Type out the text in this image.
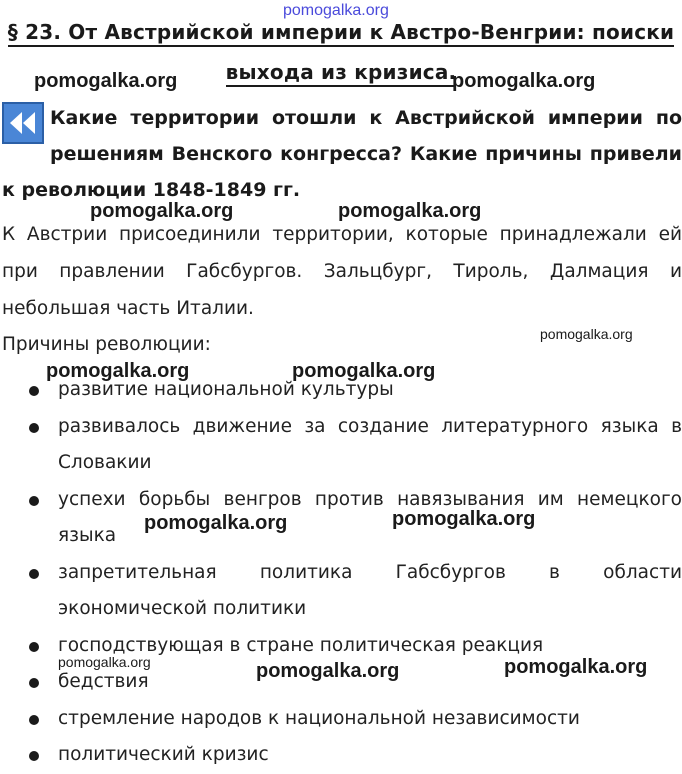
pomogalka.org
§ 23. От Австрийской империи к Австро-Венгрии: поиски
выхода из кризиса.
pomogalka.org	pomogalka.org
Какие территории отошли к Австрийской империи по решениям Венского конгресса? Какие причины привели к революции 1848-1849 гг.
pomogalka.org	pomogalka.org

К Австрии присоединили территории, которые принадлежали ей при правлении Габсбургов. Зальцбург, Тироль, Далмация и небольшая часть Италии.

pomogalka.org

Причины революции:

pomogalka.org	pomogalka.org
развитие национальной культуры
развивалось движение за создание литературного языка в Словакии
успехи борьбы венгров против навязывания им немецкого языка
запретительная политика Габсбургов в области экономической политики
господствующая в стране политическая реакция
бедствия
стремление народов к национальной независимости
политический кризис
pomogalka.org	pomogalka.org
pomogalka.org	pomogalka.org	pomogalka.org
